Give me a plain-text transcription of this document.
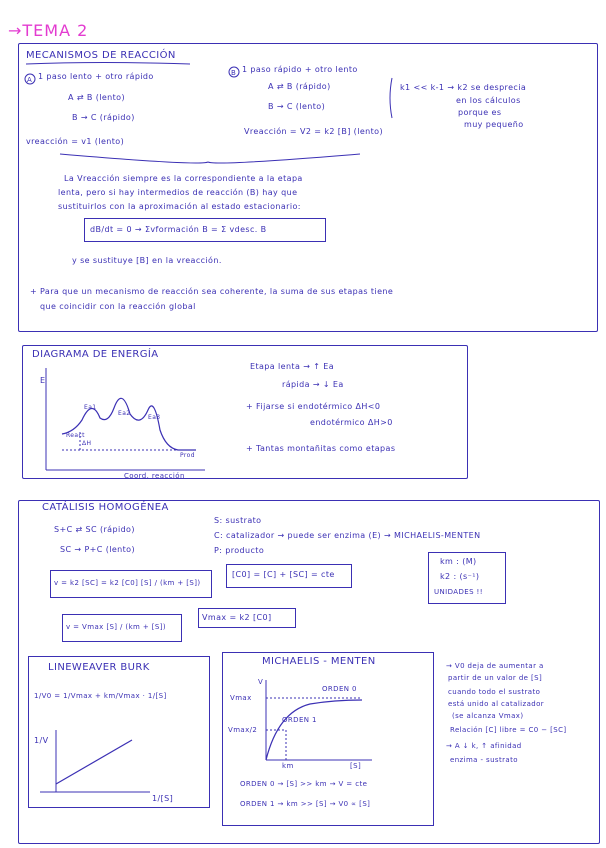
→TEMA 2
MECANISMOS DE REACCIÓN
A
B
1 paso lento + otro rápido
A ⇄ B (lento)
B → C (rápido)
vreacción = v1 (lento)
1 paso rápido + otro lento
A ⇄ B (rápido)
B → C (lento)
k1 << k-1 → k2 se desprecia
en los cálculos
porque es
muy pequeño
Vreacción = V2 = k2 [B] (lento)
La Vreacción siempre es la correspondiente a la etapa
lenta, pero si hay intermedios de reacción (B) hay que
sustituirlos con la aproximación al estado estacionario:
dB/dt = 0 → Σvformación B = Σ vdesc. B
y se sustituye [B] en la vreacción.
+ Para que un mecanismo de reacción sea coherente, la suma de sus etapas tiene
que coincidir con la reacción global
DIAGRAMA DE ENERGÍA
E
Ea1
Ea2
Ea3
ΔH
React
Prod
Coord. reacción
Etapa lenta → ↑ Ea
rápida → ↓ Ea
+ Fijarse si endotérmico ΔH<0
endotérmico ΔH>0
+ Tantas montañitas como etapas
CATÁLISIS HOMOGÉNEA
S+C ⇄ SC (rápido)
SC → P+C (lento)
S: sustrato
C: catalizador → puede ser enzima (E) → MICHAELIS-MENTEN
P: producto
v = k2 [SC] = k2 [C0] [S] / (km + [S])
[C0] = [C] + [SC] = cte
km : (M)
k2 : (s⁻¹)
UNIDADES !!
v = Vmax [S] / (km + [S])
Vmax = k2 [C0]
LINEWEAVER BURK
1/V0 = 1/Vmax + km/Vmax · 1/[S]
1/V
1/[S]
MICHAELIS - MENTEN
V
Vmax
Vmax/2
km	[S]
ORDEN 0
ORDEN 1
ORDEN 0 → [S] >> km → V = cte
ORDEN 1 → km >> [S] → V0 ∝ [S]
→ V0 deja de aumentar a
partir de un valor de [S]
cuando todo el sustrato
está unido al catalizador
(se alcanza Vmax)
Relación [C] libre = C0 − [SC]
→ A ↓ k, ↑ afinidad
enzima - sustrato
